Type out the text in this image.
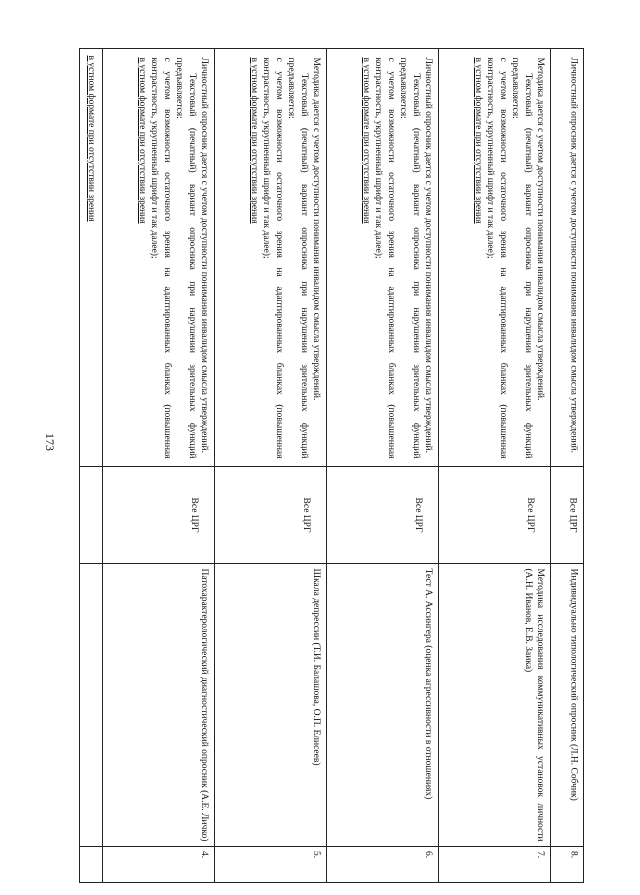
173

в устном формате при отсутствии зрения	Личностный опросник дается с учетом доступности понимания инвалидом смысла утверждений.

Текстовый (печатный) вариант опросника при нарушении зрительных функций предъявляется:

с учетом возможности остаточного зрения на адаптированных бланках (повышенная контрастность, укрупненный шрифт и так далее);

в устном формате при отсутствии зрения

Все ЦРГ

Патохарактерологический диагностический опросник (А.Е. Личко)

4.

Методика дается с учетом доступности понимания инвалидом смысла утверждений.

Текстовый (печатный) вариант опросника при нарушении зрительных функций предъявляется:

с учетом возможности остаточного зрения на адаптированных бланках (повышенная контрастность, укрупненный шрифт и так далее);

в устном формате при отсутствии зрения

Все ЦРГ

Шкала депрессии (Т.И. Балашова, О.П. Елисеев)

5.

Личностный опросник дается с учетом доступности понимания инвалидом смысла утверждений.

Текстовый (печатный) вариант опросника при нарушении зрительных функций предъявляется:

с учетом возможности остаточного зрения на адаптированных бланках (повышенная контрастность, укрупненный шрифт и так далее);

в устном формате при отсутствии зрения

Все ЦРГ

Тест А. Ассингера (оценка агрессивности в отношениях)

6.

Методика дается с учетом доступности понимания инвалидом смысла утверждений.

Текстовый (печатный) вариант опросника при нарушении зрительных функций предъявляется:

с учетом возможности остаточного зрения на адаптированных бланках (повышенная контрастность, укрупненный шрифт и так далее);

в устном формате при отсутствии зрения

Все ЦРГ

Методика исследования коммуникативных установок личности (А.Н. Иванов, Е.В. Заика)

7.

Личностный опросник дается с учетом доступности понимания инвалидом смысла утверждений.

Все ЦРГ

Индивидуально типологический опросник (Л.Н. Собчик)

8.
